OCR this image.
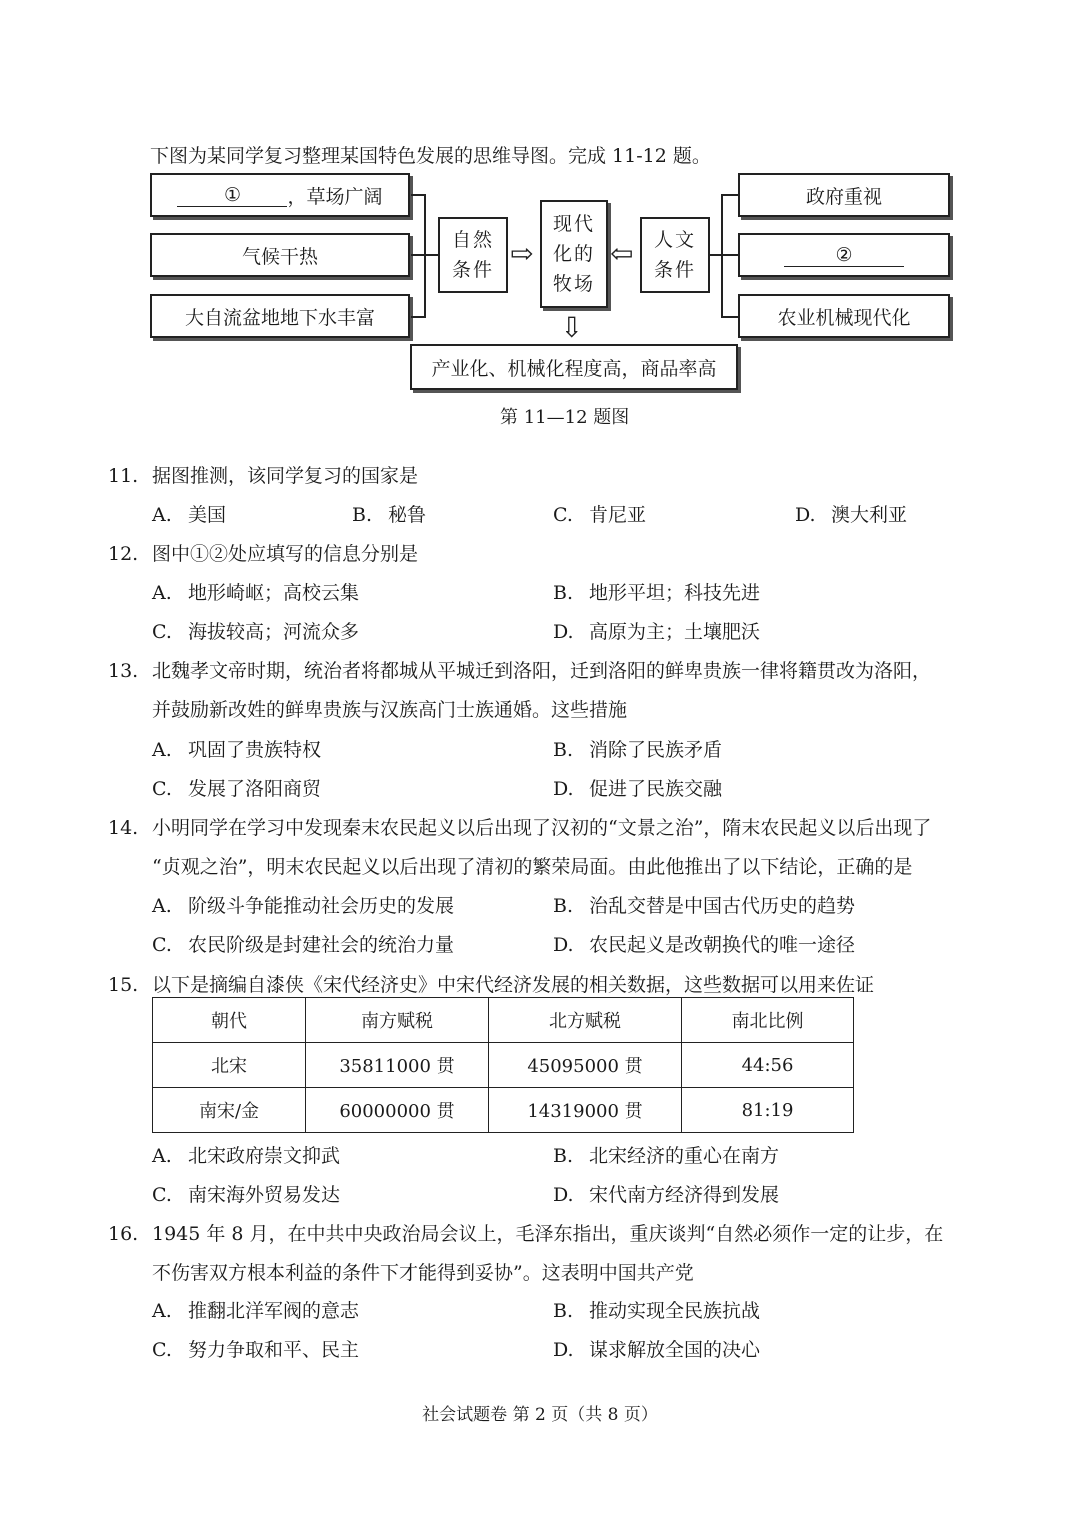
下图为某同学复习整理某国特色发展的思维导图。完成 11-12 题。
①	，草场广阔
气候干热
大自流盆地地下水丰富
自然
条件 ⇨
现代
化的
牧场
⇦ 人文
条件
政府重视
②
农业机械现代化
⇩
产业化、机械化程度高，商品率高
第 11—12 题图
11. 据图推测，该同学复习的国家是
A. 美国	B. 秘鲁	C. 肯尼亚	D. 澳大利亚
12. 图中①②处应填写的信息分别是
A. 地形崎岖；高校云集	B. 地形平坦；科技先进
C. 海拔较高；河流众多	D. 高原为主；土壤肥沃
13. 北魏孝文帝时期，统治者将都城从平城迁到洛阳，迁到洛阳的鲜卑贵族一律将籍贯改为洛阳，
并鼓励新改姓的鲜卑贵族与汉族高门士族通婚。这些措施
A. 巩固了贵族特权	B. 消除了民族矛盾
C. 发展了洛阳商贸	D. 促进了民族交融
14. 小明同学在学习中发现秦末农民起义以后出现了汉初的“文景之治”，隋末农民起义以后出现了
“贞观之治”，明末农民起义以后出现了清初的繁荣局面。由此他推出了以下结论，正确的是
A. 阶级斗争能推动社会历史的发展	B. 治乱交替是中国古代历史的趋势
C. 农民阶级是封建社会的统治力量	D. 农民起义是改朝换代的唯一途径
15. 以下是摘编自漆侠《宋代经济史》中宋代经济发展的相关数据，这些数据可以用来佐证
朝代	南方赋税	北方赋税	南北比例
北宋	35811000 贯	45095000 贯	44:56
南宋/金	60000000 贯	14319000 贯	81:19
A. 北宋政府崇文抑武	B. 北宋经济的重心在南方
C. 南宋海外贸易发达	D. 宋代南方经济得到发展
16. 1945 年 8 月，在中共中央政治局会议上，毛泽东指出，重庆谈判“自然必须作一定的让步，在
不伤害双方根本利益的条件下才能得到妥协”。这表明中国共产党
A. 推翻北洋军阀的意志	B. 推动实现全民族抗战
C. 努力争取和平、民主	D. 谋求解放全国的决心
社会试题卷 第 2 页（共 8 页）
